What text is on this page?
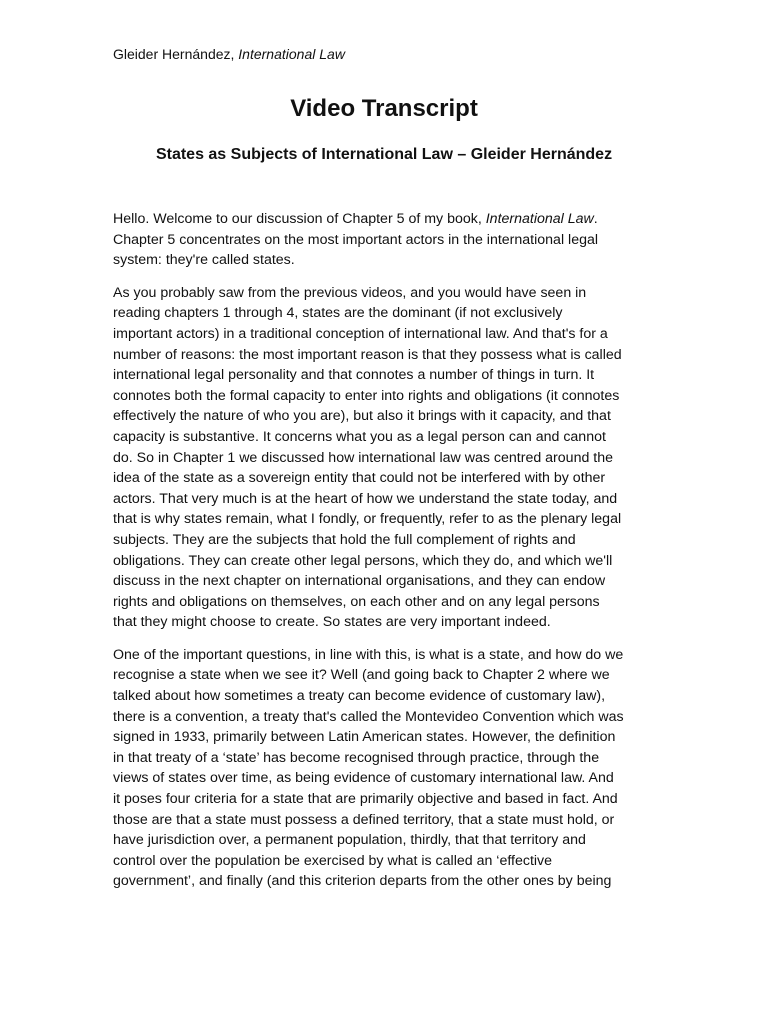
Gleider Hernández, International Law
Video Transcript
States as Subjects of International Law – Gleider Hernández

Hello. Welcome to our discussion of Chapter 5 of my book, International Law.
Chapter 5 concentrates on the most important actors in the international legal
system: they're called states.

As you probably saw from the previous videos, and you would have seen in
reading chapters 1 through 4, states are the dominant (if not exclusively
important actors) in a traditional conception of international law. And that's for a
number of reasons: the most important reason is that they possess what is called
international legal personality and that connotes a number of things in turn. It
connotes both the formal capacity to enter into rights and obligations (it connotes
effectively the nature of who you are), but also it brings with it capacity, and that
capacity is substantive. It concerns what you as a legal person can and cannot
do. So in Chapter 1 we discussed how international law was centred around the
idea of the state as a sovereign entity that could not be interfered with by other
actors. That very much is at the heart of how we understand the state today, and
that is why states remain, what I fondly, or frequently, refer to as the plenary legal
subjects. They are the subjects that hold the full complement of rights and
obligations. They can create other legal persons, which they do, and which we'll
discuss in the next chapter on international organisations, and they can endow
rights and obligations on themselves, on each other and on any legal persons
that they might choose to create. So states are very important indeed.

One of the important questions, in line with this, is what is a state, and how do we
recognise a state when we see it? Well (and going back to Chapter 2 where we
talked about how sometimes a treaty can become evidence of customary law),
there is a convention, a treaty that's called the Montevideo Convention which was
signed in 1933, primarily between Latin American states. However, the definition
in that treaty of a ‘state’ has become recognised through practice, through the
views of states over time, as being evidence of customary international law. And
it poses four criteria for a state that are primarily objective and based in fact. And
those are that a state must possess a defined territory, that a state must hold, or
have jurisdiction over, a permanent population, thirdly, that that territory and
control over the population be exercised by what is called an ‘effective
government’, and finally (and this criterion departs from the other ones by being
